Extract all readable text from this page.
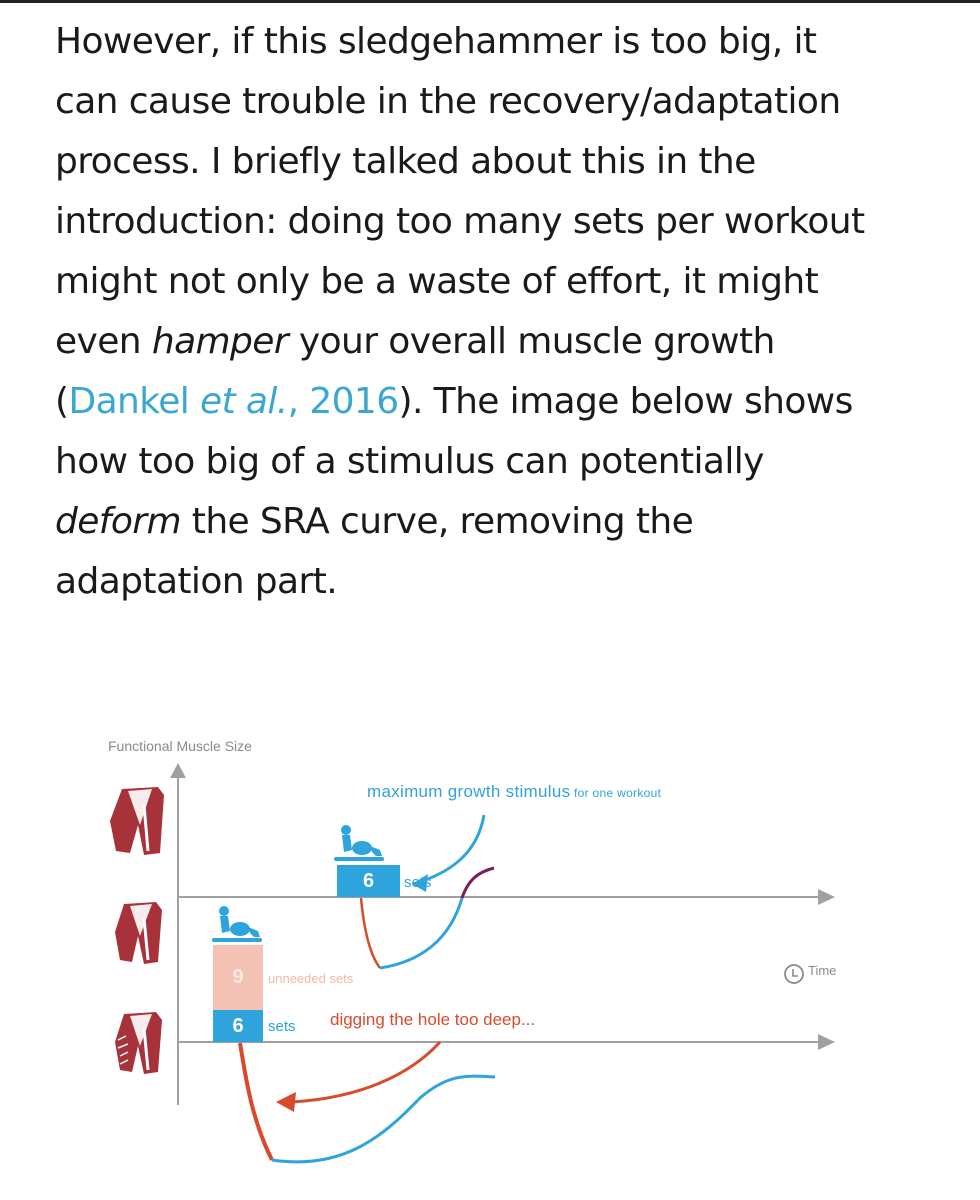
However, if this sledgehammer is too big, it
can cause trouble in the recovery/adaptation
process. I briefly talked about this in the
introduction: doing too many sets per workout
might not only be a waste of effort, it might
even hamper your overall muscle growth
(Dankel et al., 2016). The image below shows
how too big of a stimulus can potentially
deform the SRA curve, removing the
adaptation part.
Functional Muscle Size
maximum growth stimulus for one workout
6	sets
9	unneeded sets
6	sets digging the hole too deep...
Time
